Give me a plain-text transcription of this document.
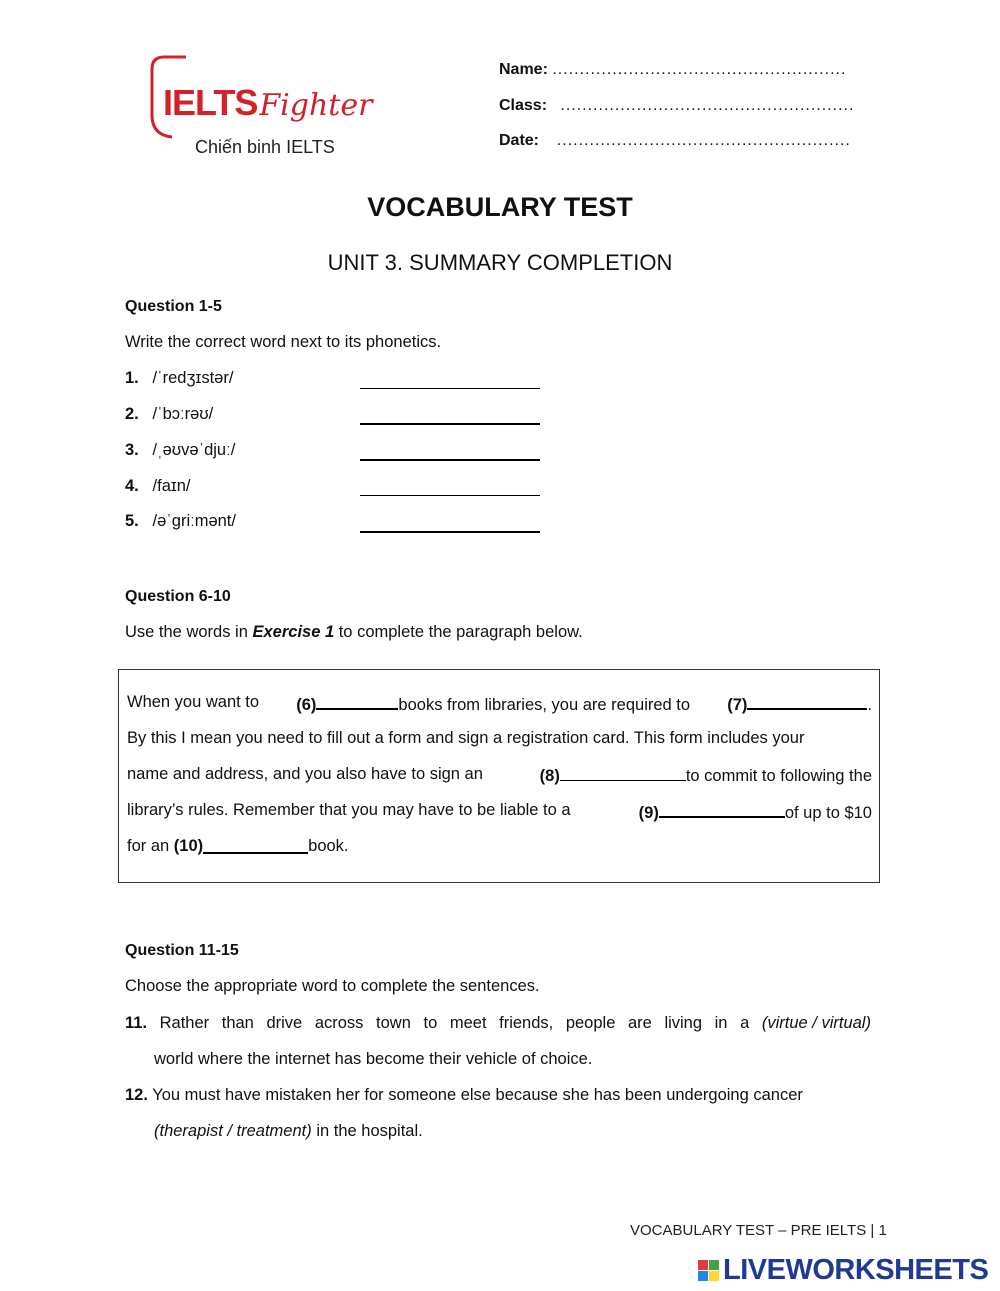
IELTSFighter
Chiến binh IELTS
Name: ......................................................
Class: ......................................................
Date: ......................................................
VOCABULARY TEST
UNIT 3. SUMMARY COMPLETION
Question 1-5
Write the correct word next to its phonetics.
1. /ˈredʒɪstər/
2. /ˈbɔːrəʊ/
3. /ˌəʊvəˈdjuː/
4. /faɪn/
5. /əˈɡriːmənt/
Question 6-10
Use the words in Exercise 1 to complete the paragraph below.
When you want to (6)	books from libraries, you are required to (7)	.
By this I mean you need to fill out a form and sign a registration card. This form includes your
name and address, and you also have to sign an	(8)	to commit to following the
library’s rules. Remember that you may have to be liable to a	(9)	of up to $10
for an
(10)	book.
Question 11-15
Choose the appropriate word to complete the sentences.
11. Rather than drive across town to meet friends, people are living in a (virtue / virtual)
world where the internet has become their vehicle of choice.
12. You must have mistaken her for someone else because she has been undergoing cancer
(therapist / treatment) in the hospital.
VOCABULARY TEST – PRE IELTS | 1
LIVEWORKSHEETS
